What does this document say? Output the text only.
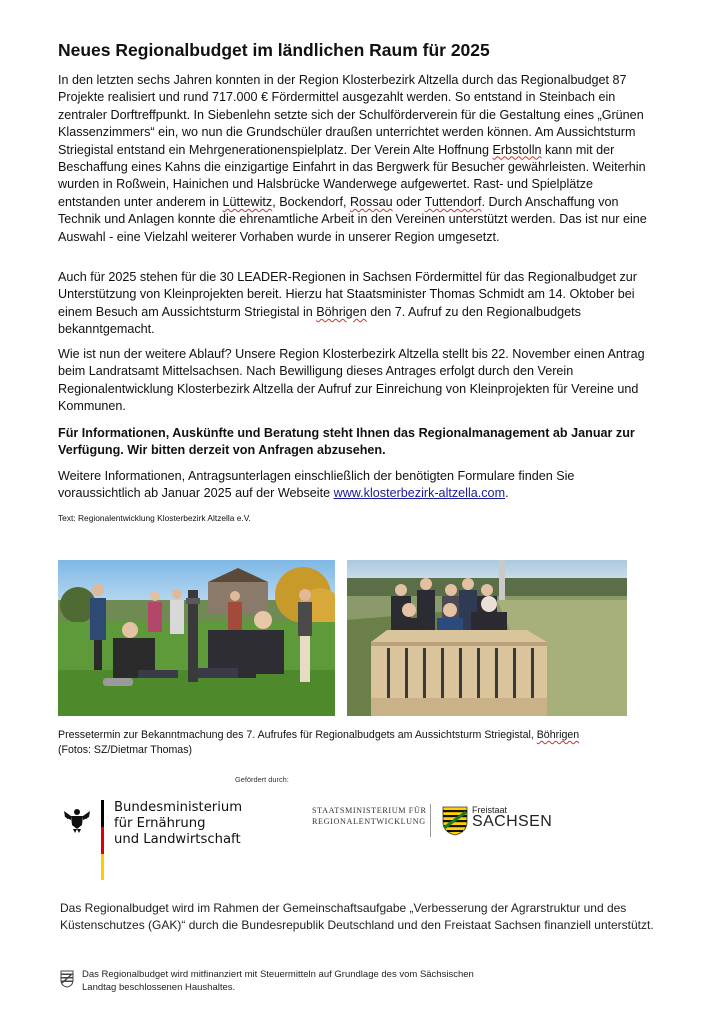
Neues Regionalbudget im ländlichen Raum für 2025

In den letzten sechs Jahren konnten in der Region Klosterbezirk Altzella durch das Regionalbudget 87 Projekte realisiert und rund 717.000 € Fördermittel ausgezahlt werden. So entstand in Steinbach ein zentraler Dorftreffpunkt. In Siebenlehn setzte sich der Schulförderverein für die Gestaltung eines „Grünen Klassenzimmers“ ein, wo nun die Grundschüler draußen unterrichtet werden können. Am Aussichtsturm Striegistal entstand ein Mehrgenerationenspielplatz. Der Verein Alte Hoffnung Erbstolln kann mit der Beschaffung eines Kahns die einzigartige Einfahrt in das Bergwerk für Besucher gewährleisten. Weiterhin wurden in Roßwein, Hainichen und Halsbrücke Wanderwege aufgewertet. Rast- und Spielplätze entstanden unter anderem in Lüttewitz, Bockendorf, Rossau oder Tuttendorf. Durch Anschaffung von Technik und Anlagen konnte die ehrenamtliche Arbeit in den Vereinen unterstützt werden. Das ist nur eine Auswahl - eine Vielzahl weiterer Vorhaben wurde in unserer Region umgesetzt.

Auch für 2025 stehen für die 30 LEADER-Regionen in Sachsen Fördermittel für das Regionalbudget zur Unterstützung von Kleinprojekten bereit. Hierzu hat Staatsminister Thomas Schmidt am 14. Oktober bei einem Besuch am Aussichtsturm Striegistal in Böhrigen den 7. Aufruf zu den Regionalbudgets bekanntgemacht.

Wie ist nun der weitere Ablauf? Unsere Region Klosterbezirk Altzella stellt bis 22. November einen Antrag beim Landratsamt Mittelsachsen. Nach Bewilligung dieses Antrages erfolgt durch den Verein Regionalentwicklung Klosterbezirk Altzella der Aufruf zur Einreichung von Kleinprojekten für Vereine und Kommunen.

Für Informationen, Auskünfte und Beratung steht Ihnen das Regionalmanagement ab Januar zur Verfügung. Wir bitten derzeit von Anfragen abzusehen.

Weitere Informationen, Antragsunterlagen einschließlich der benötigten Formulare finden Sie voraussichtlich ab Januar 2025 auf der Webseite www.klosterbezirk-altzella.com.

Text: Regionalentwicklung Klosterbezirk Altzella e.V.
Pressetermin zur Bekanntmachung des 7. Aufrufes für Regionalbudgets am Aussichtsturm Striegistal, Böhrigen
(Fotos: SZ/Dietmar Thomas)
Gefördert durch:
Bundesministerium
für Ernährung
und Landwirtschaft
STAATSMINISTERIUM FÜR
REGIONALENTWICKLUNG
Freistaat
SACHSEN
Das Regionalbudget wird im Rahmen der Gemeinschaftsaufgabe „Verbesserung der Agrarstruktur und des Küstenschutzes (GAK)“ durch die Bundesrepublik Deutschland und den Freistaat Sachsen finanziell unterstützt.
Das Regionalbudget wird mitfinanziert mit Steuermitteln auf Grundlage des vom Sächsischen Landtag beschlossenen Haushaltes.
